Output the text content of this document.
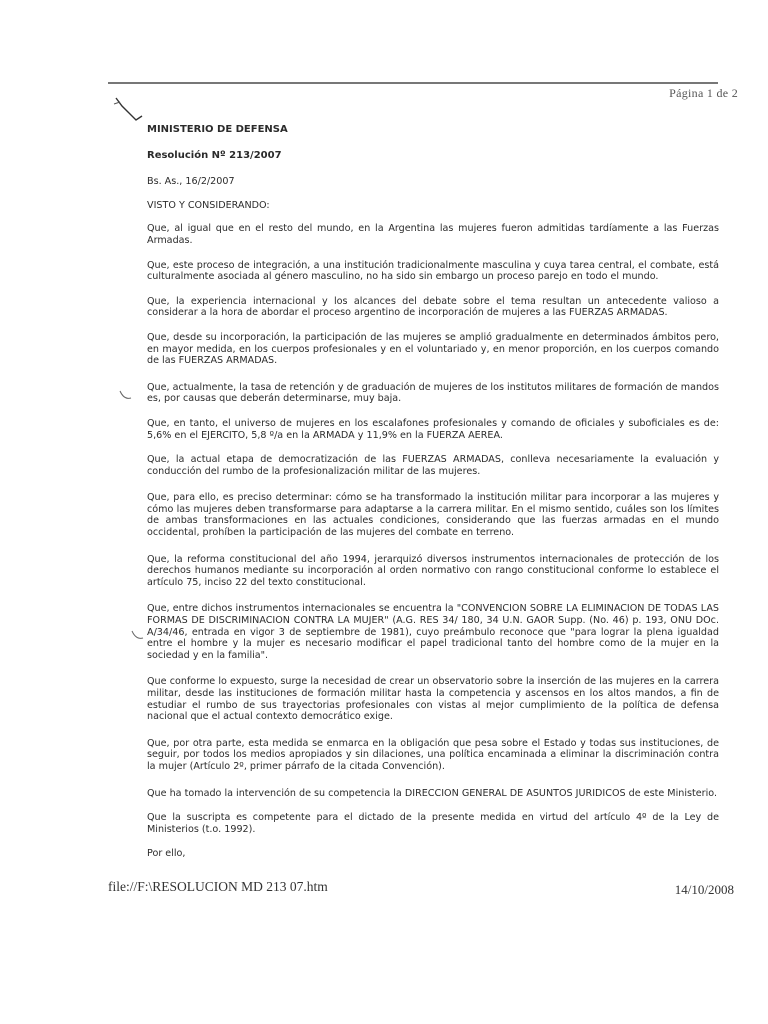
Página 1 de 2

MINISTERIO DE DEFENSA

Resolución Nº 213/2007

Bs. As., 16/2/2007

VISTO Y CONSIDERANDO:

Que, al igual que en el resto del mundo, en la Argentina las mujeres fueron admitidas tardíamente a las Fuerzas Armadas.

Que, este proceso de integración, a una institución tradicionalmente masculina y cuya tarea central, el combate, está culturalmente asociada al género masculino, no ha sido sin embargo un proceso parejo en todo el mundo.

Que, la experiencia internacional y los alcances del debate sobre el tema resultan un antecedente valioso a considerar a la hora de abordar el proceso argentino de incorporación de mujeres a las FUERZAS ARMADAS.

Que, desde su incorporación, la participación de las mujeres se amplió gradualmente en determinados ámbitos pero, en mayor medida, en los cuerpos profesionales y en el voluntariado y, en menor proporción, en los cuerpos comando de las FUERZAS ARMADAS.

Que, actualmente, la tasa de retención y de graduación de mujeres de los institutos militares de formación de mandos es, por causas que deberán determinarse, muy baja.

Que, en tanto, el universo de mujeres en los escalafones profesionales y comando de oficiales y suboficiales es de: 5,6% en el EJERCITO, 5,8 º/a en la ARMADA y 11,9% en la FUERZA AEREA.

Que, la actual etapa de democratización de las FUERZAS ARMADAS, conlleva necesariamente la evaluación y conducción del rumbo de la profesionalización militar de las mujeres.

Que, para ello, es preciso determinar: cómo se ha transformado la institución militar para incorporar a las mujeres y cómo las mujeres deben transformarse para adaptarse a la carrera militar. En el mismo sentido, cuáles son los límites de ambas transformaciones en las actuales condiciones, considerando que las fuerzas armadas en el mundo occidental, prohíben la participación de las mujeres del combate en terreno.

Que, la reforma constitucional del año 1994, jerarquizó diversos instrumentos internacionales de protección de los derechos humanos mediante su incorporación al orden normativo con rango constitucional conforme lo establece el artículo 75, inciso 22 del texto constitucional.

Que, entre dichos instrumentos internacionales se encuentra la "CONVENCION SOBRE LA ELIMINACION DE TODAS LAS FORMAS DE DISCRIMINACION CONTRA LA MUJER" (A.G. RES 34/ 180, 34 U.N. GAOR Supp. (No. 46) p. 193, ONU DOc. A/34/46, entrada en vigor 3 de septiembre de 1981), cuyo preámbulo reconoce que "para lograr la plena igualdad entre el hombre y la mujer es necesario modificar el papel tradicional tanto del hombre como de la mujer en la sociedad y en la familia".

Que conforme lo expuesto, surge la necesidad de crear un observatorio sobre la inserción de las mujeres en la carrera militar, desde las instituciones de formación militar hasta la competencia y ascensos en los altos mandos, a fin de estudiar el rumbo de sus trayectorias profesionales con vistas al mejor cumplimiento de la política de defensa nacional que el actual contexto democrático exige.

Que, por otra parte, esta medida se enmarca en la obligación que pesa sobre el Estado y todas sus instituciones, de seguir, por todos los medios apropiados y sin dilaciones, una política encaminada a eliminar la discriminación contra la mujer (Artículo 2º, primer párrafo de la citada Convención).

Que ha tomado la intervención de su competencia la DIRECCION GENERAL DE ASUNTOS JURIDICOS de este Ministerio.

Que la suscripta es competente para el dictado de la presente medida en virtud del artículo 4º de la Ley de Ministerios (t.o. 1992).

Por ello,

file://F:\RESOLUCION MD 213 07.htm	14/10/2008
